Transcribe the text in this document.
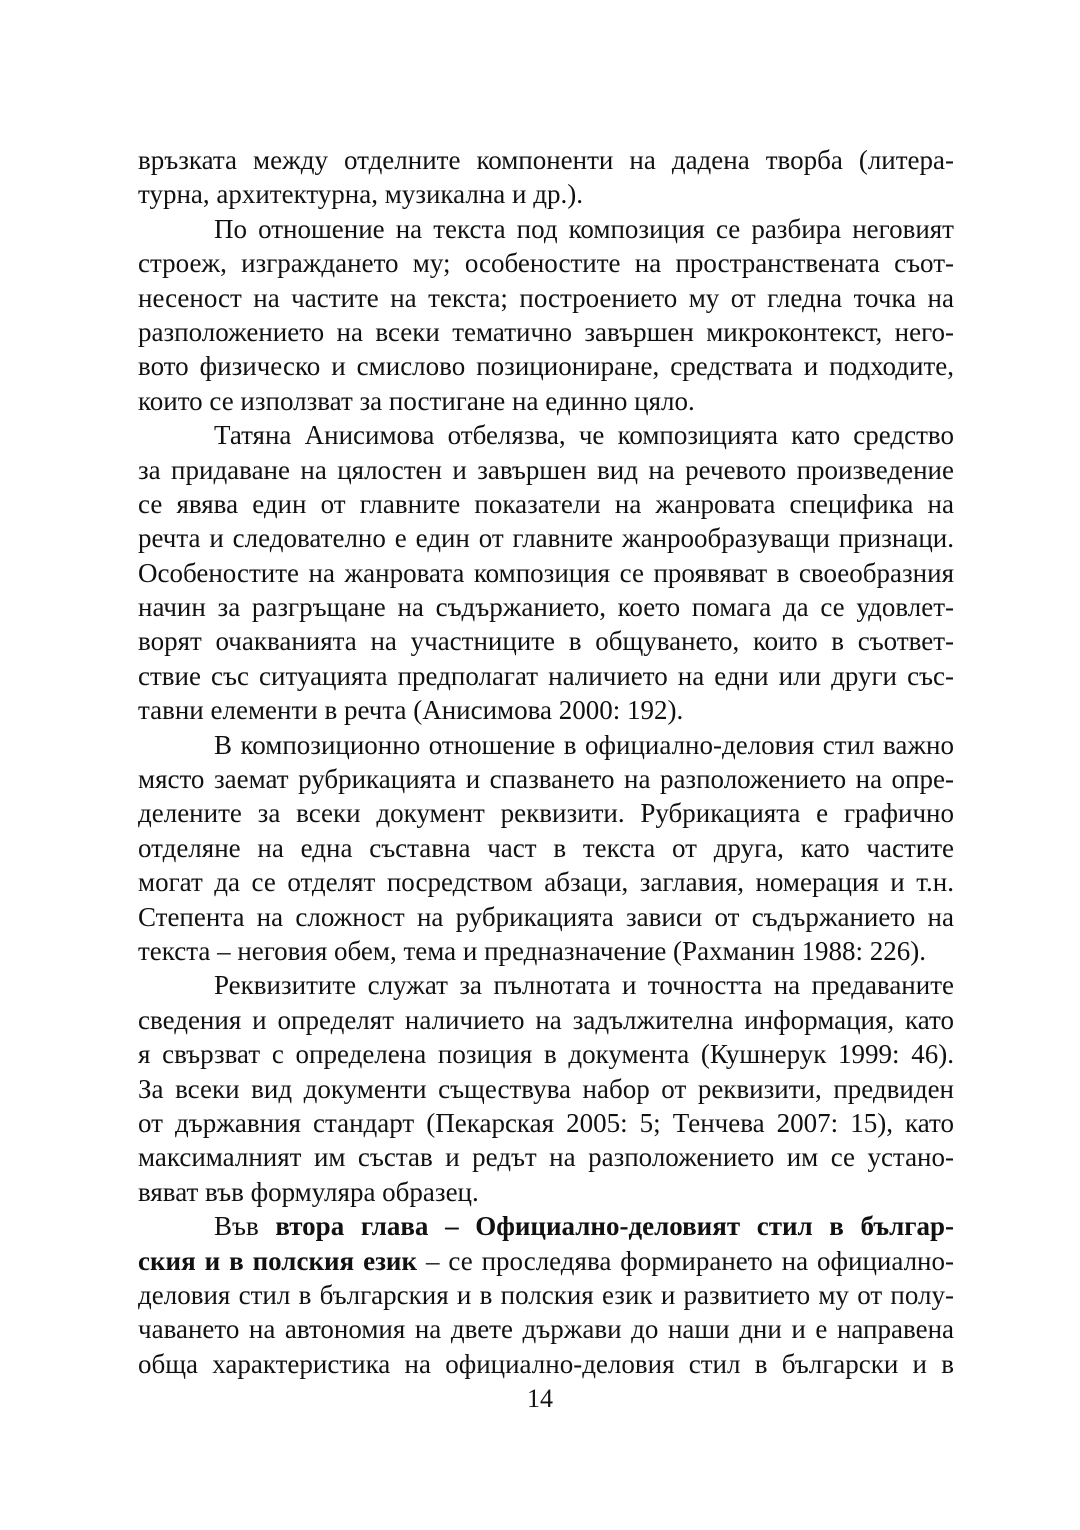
връзката между отделните компоненти на дадена творба (литера-
турна, архитектурна, музикална и др.).
По отношение на текста под композиция се разбира неговият
строеж, изграждането му; особеностите на пространствената съот-
несеност на частите на текста; построението му от гледна точка на
разположението на всеки тематично завършен микроконтекст, него-
вото физическо и смислово позициониране, средствата и подходите,
които се използват за постигане на единно цяло.
Татяна Анисимова отбелязва, че композицията като средство
за придаване на цялостен и завършен вид на речевото произведение
се явява един от главните показатели на жанровата специфика на
речта и следователно е един от главните жанрообразуващи признаци.
Особеностите на жанровата композиция се проявяват в своеобразния
начин за разгръщане на съдържанието, което помага да се удовлет-
ворят очакванията на участниците в общуването, които в съответ-
ствие със ситуацията предполагат наличието на едни или други със-
тавни елементи в речта (Анисимова 2000: 192).
В композиционно отношение в официално-деловия стил важно
място заемат рубрикацията и спазването на разположението на опре-
делените за всеки документ реквизити. Рубрикацията е графично
отделяне на една съставна част в текста от друга, като частите
могат да се отделят посредством абзаци, заглавия, номерация и т.н.
Степента на сложност на рубрикацията зависи от съдържанието на
текста – неговия обем, тема и предназначение (Рахманин 1988: 226).
Реквизитите служат за пълнотата и точността на предаваните
сведения и определят наличието на задължителна информация, като
я свързват с определена позиция в документа (Кушнерук 1999: 46).
За всеки вид документи съществува набор от реквизити, предвиден
от държавния стандарт (Пекарская 2005: 5; Тенчева 2007: 15), като
максималният им състав и редът на разположението им се устано-
вяват във формуляра образец.
Във втора глава – Официално-деловият стил в българ-
ския и в полския език – се проследява формирането на официално-
деловия стил в българския и в полския език и развитието му от полу-
чаването на автономия на двете държави до наши дни и е направена
обща характеристика на официално-деловия стил в български и в
14
